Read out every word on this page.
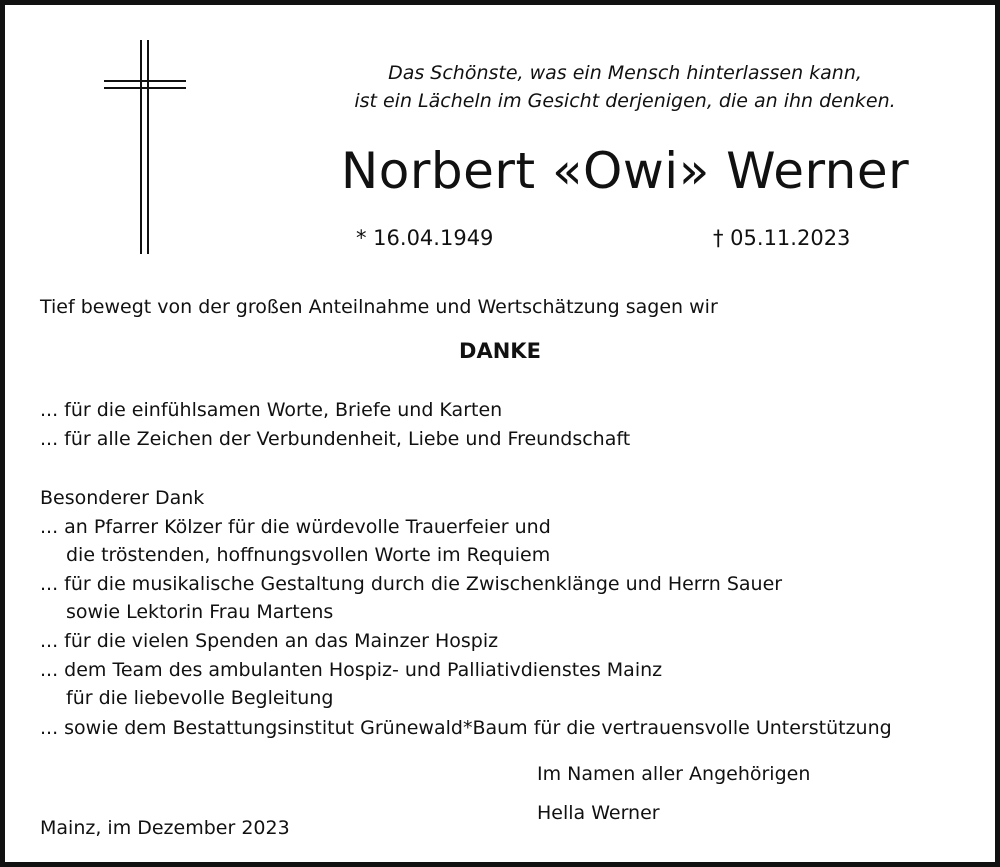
Das Schönste, was ein Mensch hinterlassen kann,
ist ein Lächeln im Gesicht derjenigen, die an ihn denken.
Norbert «Owi» Werner
* 16.04.1949	† 05.11.2023
Tief bewegt von der großen Anteilnahme und Wertschätzung sagen wir
DANKE
... für die einfühlsamen Worte, Briefe und Karten
... für alle Zeichen der Verbundenheit, Liebe und Freundschaft
Besonderer Dank
... an Pfarrer Kölzer für die würdevolle Trauerfeier und
die tröstenden, hoffnungsvollen Worte im Requiem
... für die musikalische Gestaltung durch die Zwischenklänge und Herrn Sauer
sowie Lektorin Frau Martens
... für die vielen Spenden an das Mainzer Hospiz
... dem Team des ambulanten Hospiz- und Palliativdienstes Mainz
für die liebevolle Begleitung
... sowie dem Bestattungsinstitut Grünewald*Baum für die vertrauensvolle Unterstützung
Im Namen aller Angehörigen
Hella Werner
Mainz, im Dezember 2023
